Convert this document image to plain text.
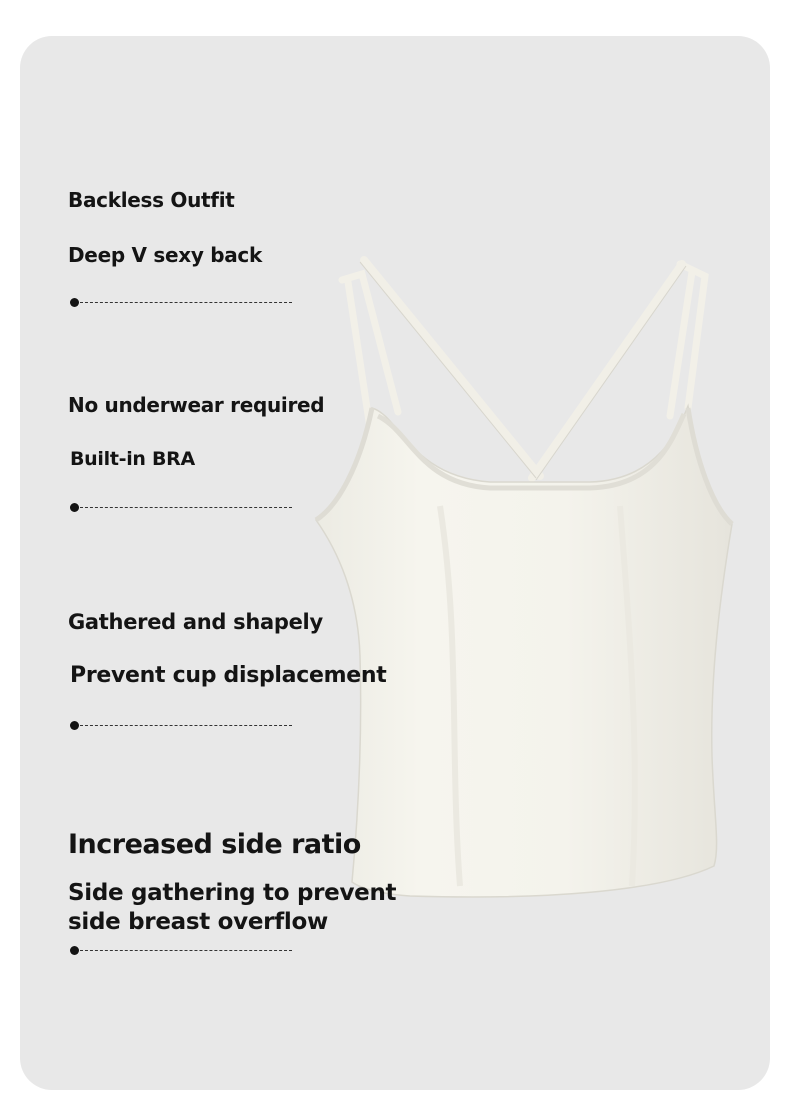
Backless Outfit
Deep V sexy back
No underwear required
Built-in BRA
Gathered and shapely
Prevent cup displacement
Increased side ratio
Side gathering to prevent
side breast overflow
